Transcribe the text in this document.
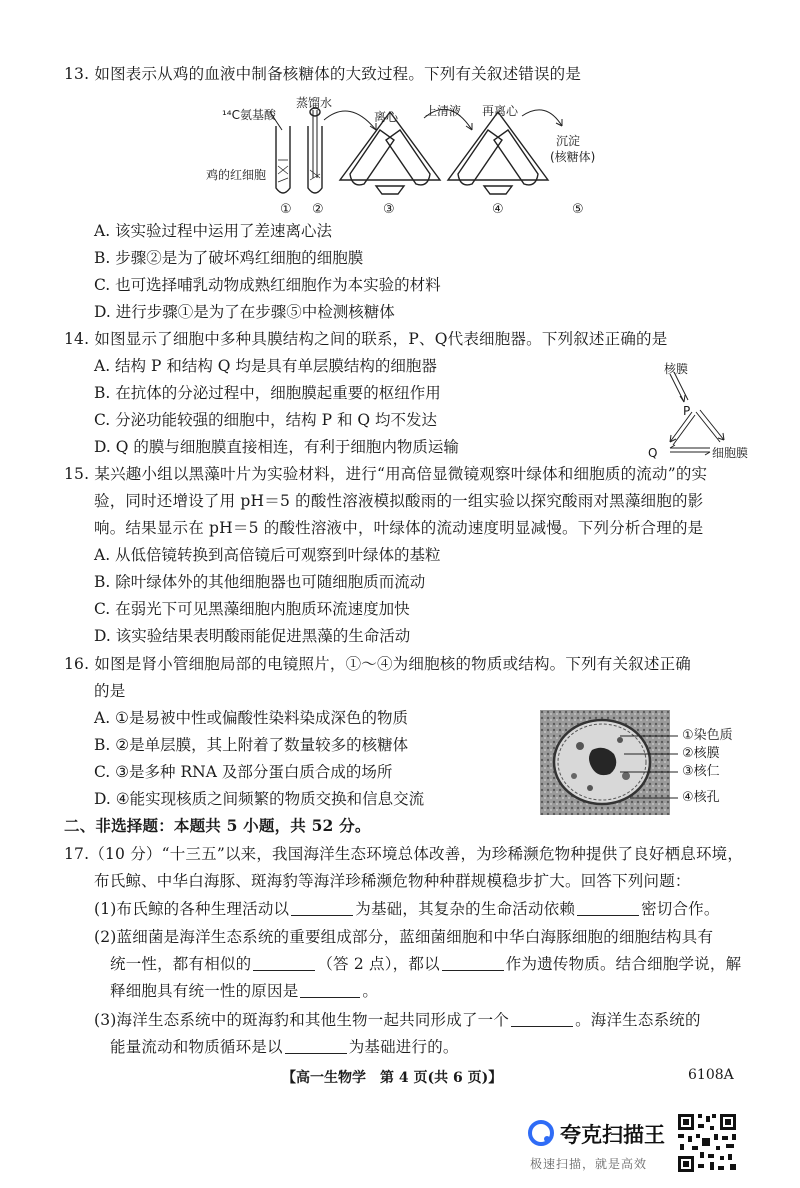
13. 如图表示从鸡的血液中制备核糖体的大致过程。下列有关叙述错误的是
¹⁴C氨基酸
蒸馏水
鸡的红细胞
离心 上清液 再离心
沉淀
(核糖体)
① ②	③	④	⑤
A. 该实验过程中运用了差速离心法
B. 步骤②是为了破坏鸡红细胞的细胞膜
C. 也可选择哺乳动物成熟红细胞作为本实验的材料
D. 进行步骤①是为了在步骤⑤中检测核糖体
14. 如图显示了细胞中多种具膜结构之间的联系，P、Q代表细胞器。下列叙述正确的是
A. 结构 P 和结构 Q 均是具有单层膜结构的细胞器
B. 在抗体的分泌过程中，细胞膜起重要的枢纽作用
C. 分泌功能较强的细胞中，结构 P 和 Q 均不发达
D. Q 的膜与细胞膜直接相连，有利于细胞内物质运输
核膜
P
Q	细胞膜
15. 某兴趣小组以黑藻叶片为实验材料，进行“用高倍显微镜观察叶绿体和细胞质的流动”的实
验，同时还增设了用 pH＝5 的酸性溶液模拟酸雨的一组实验以探究酸雨对黑藻细胞的影
响。结果显示在 pH＝5 的酸性溶液中，叶绿体的流动速度明显减慢。下列分析合理的是
A. 从低倍镜转换到高倍镜后可观察到叶绿体的基粒
B. 除叶绿体外的其他细胞器也可随细胞质而流动
C. 在弱光下可见黑藻细胞内胞质环流速度加快
D. 该实验结果表明酸雨能促进黑藻的生命活动
16. 如图是肾小管细胞局部的电镜照片，①～④为细胞核的物质或结构。下列有关叙述正确
的是
A. ①是易被中性或偏酸性染料染成深色的物质
B. ②是单层膜，其上附着了数量较多的核糖体
C. ③是多种 RNA 及部分蛋白质合成的场所
D. ④能实现核质之间频繁的物质交换和信息交流
①染色质
②核膜
③核仁
④核孔
二、非选择题：本题共 5 小题，共 52 分。
17.（10 分）“十三五”以来，我国海洋生态环境总体改善，为珍稀濒危物种提供了良好栖息环境，
布氏鲸、中华白海豚、斑海豹等海洋珍稀濒危物种种群规模稳步扩大。回答下列问题：
(1)布氏鲸的各种生理活动以	为基础，其复杂的生命活动依赖	密切合作。
(2)蓝细菌是海洋生态系统的重要组成部分，蓝细菌细胞和中华白海豚细胞的细胞结构具有
统一性，都有相似的	（答 2 点），都以	作为遗传物质。结合细胞学说，解
释细胞具有统一性的原因是	。
(3)海洋生态系统中的斑海豹和其他生物一起共同形成了一个	。海洋生态系统的
能量流动和物质循环是以	为基础进行的。
【高一生物学　第 4 页(共 6 页)】	6108A
夸克扫描王
极速扫描，就是高效
